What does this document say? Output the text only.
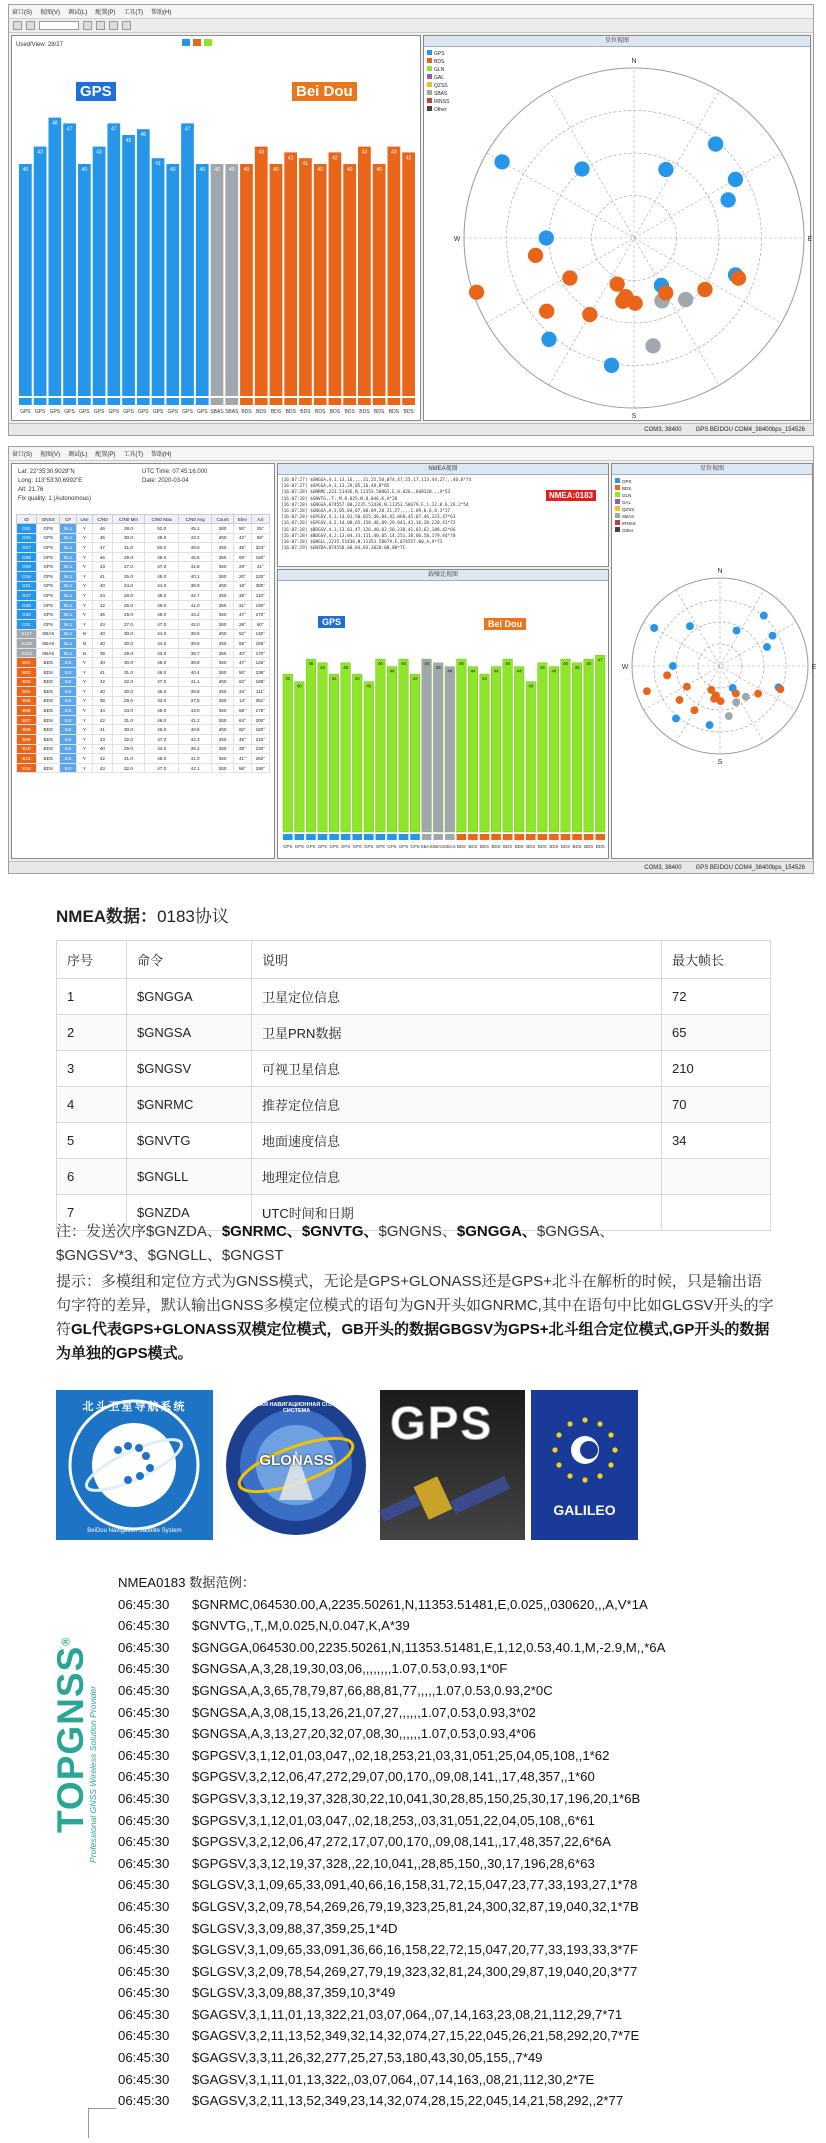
窗口(S) 视图(V) 调试(L) 配置(P) 工具(T) 帮助(H)
Used/View: 28/27
40
GPS
43
GPS
48
GPS
47
GPS
40
GPS
43
GPS
47
GPS
45
GPS
46
GPS
41
GPS
40
GPS
47
GPS
40
GPS
40
SBAS
40
SBAS
40
BDS
43
BDS
40
BDS
42
BDS
41
BDS
40
BDS
42
BDS
40
BDS
43
BDS
40
BDS
43
BDS
42
BDS
GPS	Bei Dou
星位视图
GPS
BDS
GLN
GAL
QZSS
SBAS
IRNSS
Other
N
E
S
W
COM3, 38400 GPS BEIDOU COM4_38400bps_154526
窗口(S) 视图(V) 调试(L) 配置(P) 工具(T) 帮助(H)
Lat: 22°35'30.9029"N
Long: 113°53'30.6992"E
Alt: 21.76
Fix quality: 1 (Autonomous)
UTC Time: 07:45:16.000
Date: 2020-03-04
ID	GNSS	CF	Use	C/N0	C/N0 Min	C/N0 Max	C/N0 Avg	Count	Elev	Azi
G01	GPS	BL1	Y	46	28.0	52.0	45.1	260	50°	25°
G04	GPS	BL1	Y	45	30.0	48.0	43.2	260	42°	68°
G07	GPS	BL1	Y	47	31.0	50.0	46.0	260	46°	323°
G08	GPS	BL1	Y	46	29.0	49.0	45.5	260	65°	150°
G09	GPS	BL1	Y	43	27.0	47.0	41.8	260	29°	41°
G16	GPS	BL1	Y	41	25.0	45.0	40.1	260	20°	220°
G21	GPS	BL1	Y	40	24.0	44.0	38.9	260	18°	300°
G27	GPS	BL1	Y	44	28.0	48.0	42.7	260	35°	110°
G28	GPS	BL1	Y	42	26.0	46.0	41.0	260	31°	190°
G30	GPS	BL1	Y	45	29.0	49.0	44.2	260	47°	270°
G31	GPS	BL1	Y	43	27.0	47.0	42.0	260	28°	60°
S127	SBAS	BL1	N	40	30.0	44.0	39.5	260	52°	140°
S128	SBAS	BL1	N	40	30.0	44.0	39.5	260	55°	156°
S133	SBAS	BL1	N	39	29.0	43.0	38.7	260	40°	170°
B01	BDS	B1I	Y	40	30.0	45.0	39.8	260	47°	126°
B02	BDS	B1I	Y	41	31.0	46.0	40.4	260	50°	238°
B03	BDS	B1I	Y	42	32.0	47.0	41.1	260	62°	188°
B04	BDS	B1I	Y	40	30.0	45.0	39.6	260	33°	111°
B05	BDS	B1I	Y	38	28.0	43.0	37.5	260	14°	251°
B06	BDS	B1I	Y	44	33.0	48.0	43.0	260	58°	179°
B07	BDS	B1I	Y	42	31.0	46.0	41.2	260	64°	200°
B08	BDS	B1I	Y	41	30.0	46.0	40.6	260	60°	150°
B09	BDS	B1I	Y	43	32.0	47.0	42.3	260	45°	210°
B10	BDS	B1I	Y	40	29.0	44.0	39.1	260	38°	230°
B13	BDS	B1I	Y	42	31.0	46.0	41.0	260	41°	260°
B16	BDS	B1I	Y	43	32.0	47.0	42.1	260	56°	190°
NMEA视图
[16:07:27] $GNGGA,4,1,13,16,,,,31,25,50,074,47,25,17,113,44,27,,,46,8*74
[16:07:27] $GPGSA,A,3,13,29,05,16,48,8*85
[16:07:28] $GNRMC,221.51436,N,11353.58862,E,0.026,,040320,,,A*53
[16:07:28] $GNVTG,,T,,M,0.025,N,0.046,K,A*28
[16:07:28] $GNGGA,074557.00,2235.51436,N,11353.58679,E,1,12,0.6,26.2*54
[16:07:28] $GNGSA,A,3,05,04,07,08,09,28,31,27,,,,1.09,0.6,0.3*17
[16:07:28] $GPGSV,4,1,14,01,50,025,46,04,42,068,45,07,46,323,47*63
[16:07:28] $GPGSV,4,2,14,08,65,150,46,09,29,041,43,16,20,220,41*72
[16:07:28] $BDGSV,4,1,13,01,47,126,40,02,50,238,41,03,62,188,42*66
[16:07:28] $BDGSV,4,2,13,04,33,111,40,05,14,251,38,06,58,179,44*70
[16:07:28] $GNGLL,2235.51436,N,11353.58679,E,074557.00,A,A*73
[16:07:29] $GNZDA,074558.00,04,03,2020,00,00*7C
NMEA:0183
载噪比视图
42
GPS
40
GPS
46
GPS
45
GPS
42
GPS
45
GPS
42
GPS
40
GPS
46
GPS
44
GPS
46
GPS
42
GPS
46
SBAS
45
SBAS
44
SBAS
46
BDS
44
BDS
42
BDS
44
BDS
46
BDS
44
BDS
40
BDS
45
BDS
44
BDS
46
BDS
45
BDS
46
BDS
47
BDS
GPS	Bei Dou
星位视图
GPS
BDS
GLN
GAL
QZSS
SBAS
IRNSS
Other
N
E
S
W
COM3, 38400 GPS BEIDOU COM4_38400bps_154526
NMEA数据：0183协议
序号	命令	说明	最大帧长
1	$GNGGA	卫星定位信息	72
2	$GNGSA	卫星PRN数据	65
3	$GNGSV	可视卫星信息	210
4	$GNRMC	推荐定位信息	70
5	$GNVTG	地面速度信息	34
6	$GNGLL	地理定位信息	
7	$GNZDA	UTC时间和日期	
注：发送次序$GNZDA、$GNRMC、$GNVTG、$GNGNS、$GNGGA、$GNGSA、$GNGSV*3、$GNGLL、$GNGST
提示：多模组和定位方式为GNSS模式，无论是GPS+GLONASS还是GPS+北斗在解析的时候，只是输出语句字符的差异，默认输出GNSS多模定位模式的语句为GN开头如GNRMC,其中在语句中比如GLGSV开头的字符GL代表GPS+GLONASS双模定位模式，GB开头的数据GBGSV为GPS+北斗组合定位模式,GP开头的数据为单独的GPS模式。
北斗卫星导航系统
BeiDou Navigation Satellite System
GLONASS
ГЛОБАЛЬНАЯ НАВИГАЦИОННАЯ СПУТНИКОВАЯ СИСТЕМА	GPS
GALILEO
TOPGNSS®
Professional GNSS Wireless Solution Provider
NMEA0183 数据范例：
06:45:30 $GNRMC,064530.00,A,2235.50261,N,11353.51481,E,0.025,,030620,,,A,V*1A
06:45:30 $GNVTG,,T,,M,0.025,N,0.047,K,A*39
06:45:30 $GNGGA,064530.00,2235.50261,N,11353.51481,E,1,12,0.53,40.1,M,-2.9,M,,*6A
06:45:30 $GNGSA,A,3,28,19,30,03,06,,,,,,,,1.07,0.53,0.93,1*0F
06:45:30 $GNGSA,A,3,65,78,79,87,66,88,81,77,,,,,1.07,0.53,0.93,2*0C
06:45:30 $GNGSA,A,3,08,15,13,26,21,07,27,,,,,,1.07,0.53,0.93,3*02
06:45:30 $GNGSA,A,3,13,27,20,32,07,08,30,,,,,,1.07,0.53,0.93,4*06
06:45:30 $GPGSV,3,1,12,01,03,047,,02,18,253,21,03,31,051,25,04,05,108,,1*62
06:45:30 $GPGSV,3,2,12,06,47,272,29,07,00,170,,09,08,141,,17,48,357,,1*60
06:45:30 $GPGSV,3,3,12,19,37,328,30,22,10,041,30,28,85,150,25,30,17,196,20,1*6B
06:45:30 $GPGSV,3,1,12,01,03,047,,02,18,253,,03,31,051,22,04,05,108,,6*61
06:45:30 $GPGSV,3,2,12,06,47,272,17,07,00,170,,09,08,141,,17,48,357,22,6*6A
06:45:30 $GPGSV,3,3,12,19,37,328,,22,10,041,,28,85,150,,30,17,196,28,6*63
06:45:30 $GLGSV,3,1,09,65,33,091,40,66,16,158,31,72,15,047,23,77,33,193,27,1*78
06:45:30 $GLGSV,3,2,09,78,54,269,26,79,19,323,25,81,24,300,32,87,19,040,32,1*7B
06:45:30 $GLGSV,3,3,09,88,37,359,25,1*4D
06:45:30 $GLGSV,3,1,09,65,33,091,36,66,16,158,22,72,15,047,20,77,33,193,33,3*7F
06:45:30 $GLGSV,3,2,09,78,54,269,27,79,19,323,32,81,24,300,29,87,19,040,20,3*77
06:45:30 $GLGSV,3,3,09,88,37,359,10,3*49
06:45:30 $GAGSV,3,1,11,01,13,322,21,03,07,064,,07,14,163,23,08,21,112,29,7*71
06:45:30 $GAGSV,3,2,11,13,52,349,32,14,32,074,27,15,22,045,26,21,58,292,20,7*7E
06:45:30 $GAGSV,3,3,11,26,32,277,25,27,53,180,43,30,05,155,,7*49
06:45:30 $GAGSV,3,1,11,01,13,322,,03,07,064,,07,14,163,,08,21,112,30,2*7E
06:45:30 $GAGSV,3,2,11,13,52,349,23,14,32,074,28,15,22,045,14,21,58,292,,2*77
